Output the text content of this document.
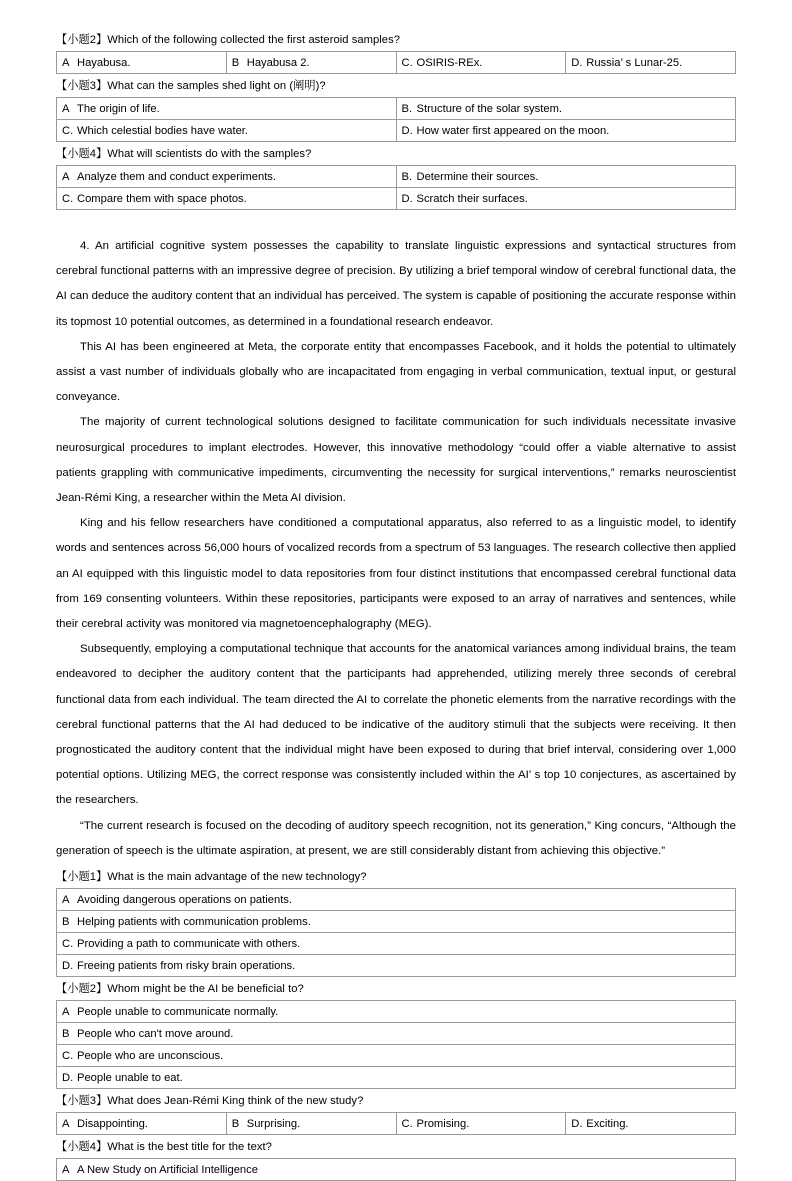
【小题2】Which of the following collected the first asteroid samples?

A Hayabusa.	B Hayabusa 2.	C. OSIRIS-REx.	D. Russia’ s Lunar-25.

【小题3】What can the samples shed light on (阐明)?

A The origin of life.	B. Structure of the solar system.
C. Which celestial bodies have water.	D. How water first appeared on the moon.

【小题4】What will scientists do with the samples?

A Analyze them and conduct experiments.	B. Determine their sources.
C. Compare them with space photos.	D. Scratch their surfaces.

4. An artificial cognitive system possesses the capability to translate linguistic expressions and syntactical structures from cerebral functional patterns with an impressive degree of precision. By utilizing a brief temporal window of cerebral functional data, the AI can deduce the auditory content that an individual has perceived. The system is capable of positioning the accurate response within its topmost 10 potential outcomes, as determined in a foundational research endeavor.

This AI has been engineered at Meta, the corporate entity that encompasses Facebook, and it holds the potential to ultimately assist a vast number of individuals globally who are incapacitated from engaging in verbal communication, textual input, or gestural conveyance.

The majority of current technological solutions designed to facilitate communication for such individuals necessitate invasive neurosurgical procedures to implant electrodes. However, this innovative methodology “could offer a viable alternative to assist patients grappling with communicative impediments, circumventing the necessity for surgical interventions,” remarks neuroscientist Jean-Rémi King, a researcher within the Meta AI division.

King and his fellow researchers have conditioned a computational apparatus, also referred to as a linguistic model, to identify words and sentences across 56,000 hours of vocalized records from a spectrum of 53 languages. The research collective then applied an AI equipped with this linguistic model to data repositories from four distinct institutions that encompassed cerebral functional data from 169 consenting volunteers. Within these repositories, participants were exposed to an array of narratives and sentences, while their cerebral activity was monitored via magnetoencephalography (MEG).

Subsequently, employing a computational technique that accounts for the anatomical variances among individual brains, the team endeavored to decipher the auditory content that the participants had apprehended, utilizing merely three seconds of cerebral functional data from each individual. The team directed the AI to correlate the phonetic elements from the narrative recordings with the cerebral functional patterns that the AI had deduced to be indicative of the auditory stimuli that the subjects were receiving. It then prognosticated the auditory content that the individual might have been exposed to during that brief interval, considering over 1,000 potential options. Utilizing MEG, the correct response was consistently included within the AI’ s top 10 conjectures, as ascertained by the researchers.

“The current research is focused on the decoding of auditory speech recognition, not its generation,” King concurs, “Although the generation of speech is the ultimate aspiration, at present, we are still considerably distant from achieving this objective.”

【小题1】What is the main advantage of the new technology?

A Avoiding dangerous operations on patients.
B Helping patients with communication problems.
C. Providing a path to communicate with others.
D. Freeing patients from risky brain operations.

【小题2】Whom might be the AI be beneficial to?

A People unable to communicate normally.
B People who can't move around.
C. People who are unconscious.
D. People unable to eat.

【小题3】What does Jean-Rémi King think of the new study?

A Disappointing.	B Surprising.	C. Promising.	D. Exciting.

【小题4】What is the best title for the text?

A A New Study on Artificial Intelligence
